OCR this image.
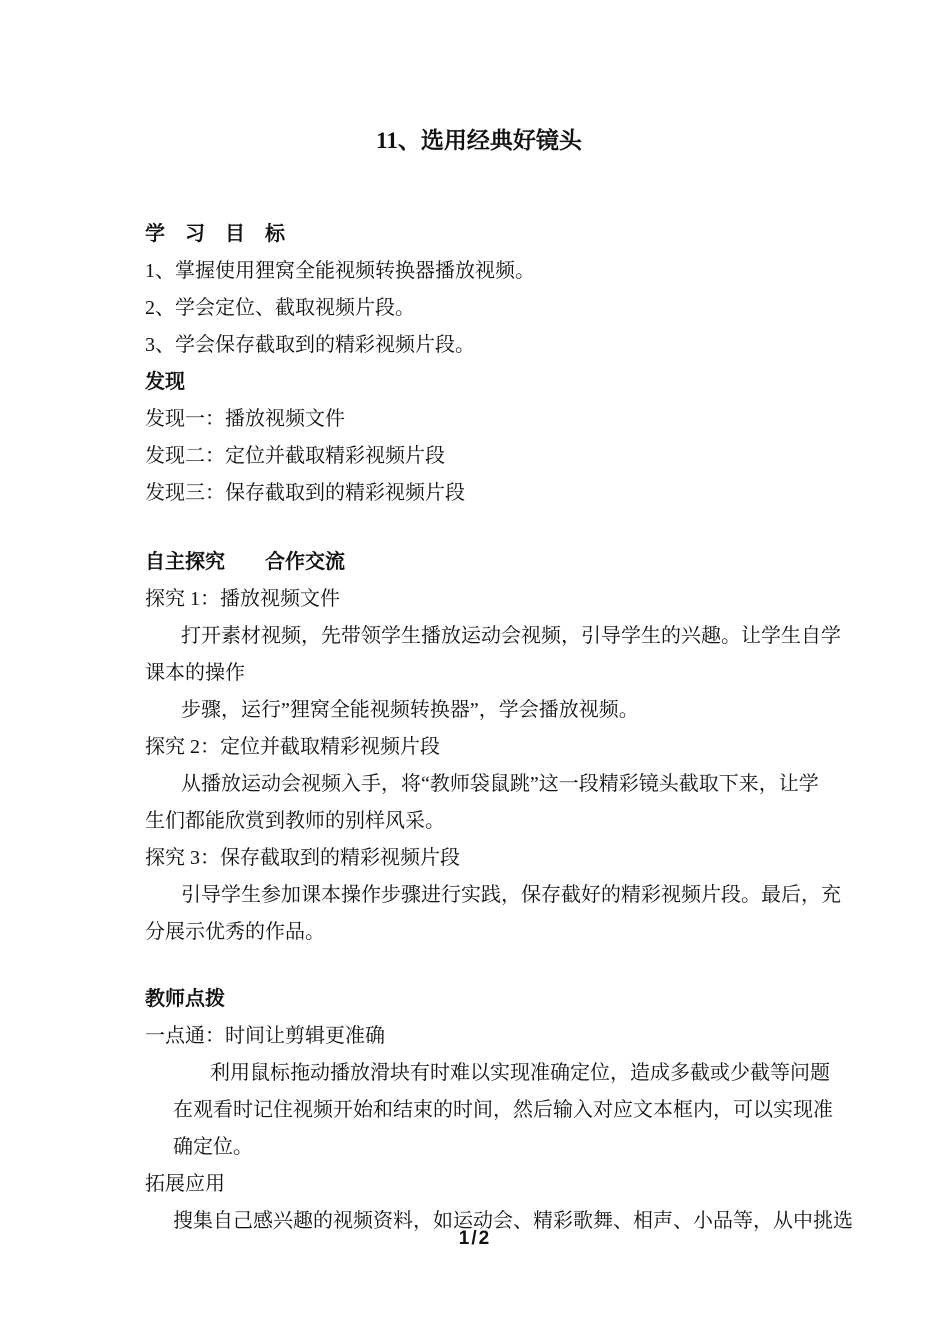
11、选用经典好镜头
学　习　目　标
1、掌握使用狸窝全能视频转换器播放视频。
2、学会定位、截取视频片段。
3、学会保存截取到的精彩视频片段。
发现
发现一：播放视频文件
发现二：定位并截取精彩视频片段
发现三：保存截取到的精彩视频片段
自主探究　　合作交流
探究 1：播放视频文件
打开素材视频，先带领学生播放运动会视频，引导学生的兴趣。让学生自学
课本的操作
步骤，运行”狸窝全能视频转换器”，学会播放视频。
探究 2：定位并截取精彩视频片段
从播放运动会视频入手，将“教师袋鼠跳”这一段精彩镜头截取下来，让学
生们都能欣赏到教师的别样风采。
探究 3：保存截取到的精彩视频片段
引导学生参加课本操作步骤进行实践，保存截好的精彩视频片段。最后，充
分展示优秀的作品。
教师点拨
一点通：时间让剪辑更准确
利用鼠标拖动播放滑块有时难以实现准确定位，造成多截或少截等问题
在观看时记住视频开始和结束的时间，然后输入对应文本框内，可以实现准
确定位。
拓展应用
搜集自己感兴趣的视频资料，如运动会、精彩歌舞、相声、小品等，从中挑选
1/2
